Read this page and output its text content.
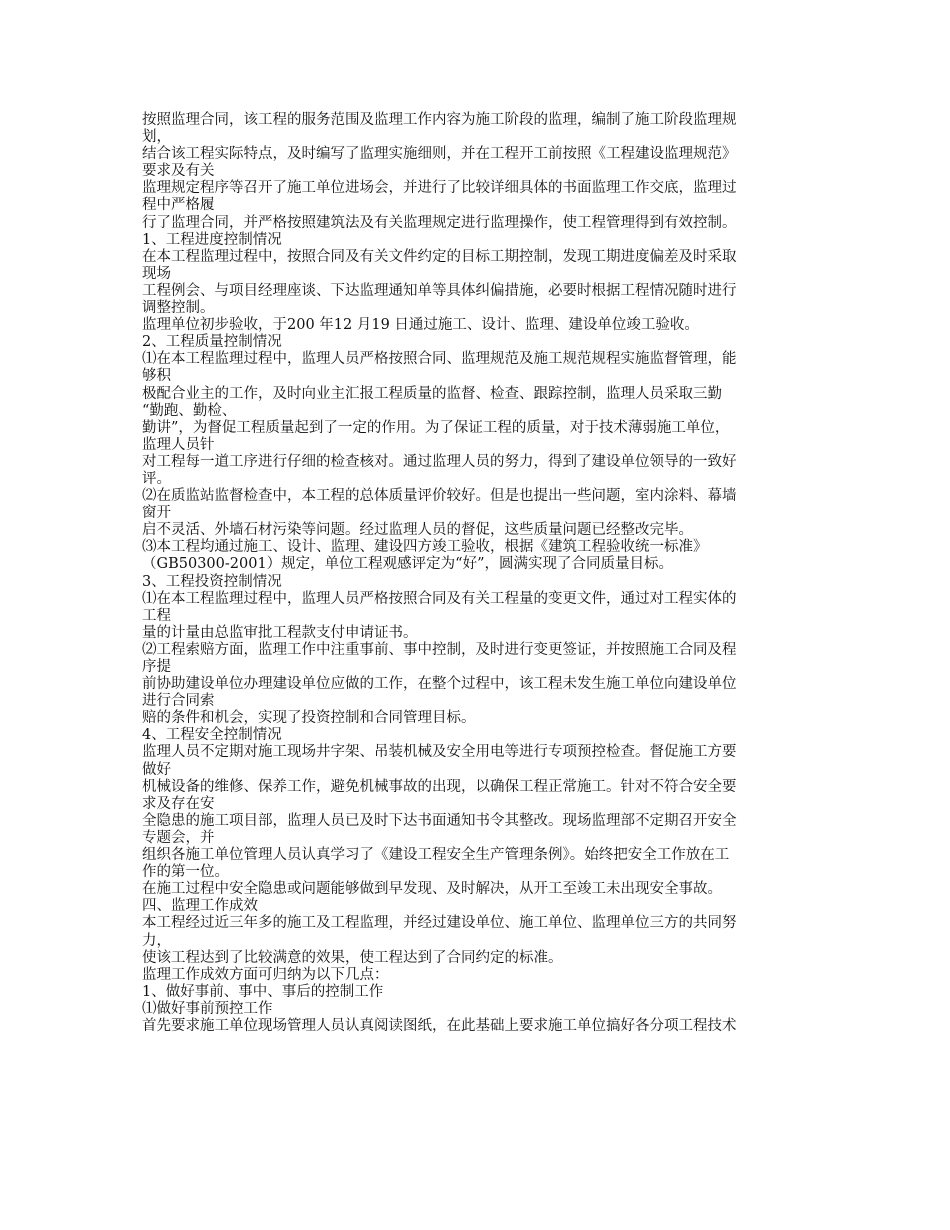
按照监理合同，该工程的服务范围及监理工作内容为施工阶段的监理，编制了施工阶段监理规
划，
结合该工程实际特点，及时编写了监理实施细则，并在工程开工前按照《工程建设监理规范》
要求及有关
监理规定程序等召开了施工单位进场会，并进行了比较详细具体的书面监理工作交底，监理过
程中严格履
行了监理合同，并严格按照建筑法及有关监理规定进行监理操作，使工程管理得到有效控制。
1、工程进度控制情况
在本工程监理过程中，按照合同及有关文件约定的目标工期控制，发现工期进度偏差及时采取
现场
工程例会、与项目经理座谈、下达监理通知单等具体纠偏措施，必要时根据工程情况随时进行
调整控制。
监理单位初步验收，于200 年12 月19 日通过施工、设计、监理、建设单位竣工验收。
2、工程质量控制情况
⑴在本工程监理过程中，监理人员严格按照合同、监理规范及施工规范规程实施监督管理，能
够积
极配合业主的工作，及时向业主汇报工程质量的监督、检查、跟踪控制，监理人员采取三勤
“勤跑、勤检、
勤讲”，为督促工程质量起到了一定的作用。为了保证工程的质量，对于技术薄弱施工单位，
监理人员针
对工程每一道工序进行仔细的检查核对。通过监理人员的努力，得到了建设单位领导的一致好
评。
⑵在质监站监督检查中，本工程的总体质量评价较好。但是也提出一些问题，室内涂料、幕墙
窗开
启不灵活、外墙石材污染等问题。经过监理人员的督促，这些质量问题已经整改完毕。
⑶本工程均通过施工、设计、监理、建设四方竣工验收，根据《建筑工程验收统一标准》
（GB50300-2001）规定，单位工程观感评定为“好”，圆满实现了合同质量目标。
3、工程投资控制情况
⑴在本工程监理过程中，监理人员严格按照合同及有关工程量的变更文件，通过对工程实体的
工程
量的计量由总监审批工程款支付申请证书。
⑵工程索赔方面，监理工作中注重事前、事中控制，及时进行变更签证，并按照施工合同及程
序提
前协助建设单位办理建设单位应做的工作，在整个过程中，该工程未发生施工单位向建设单位
进行合同索
赔的条件和机会，实现了投资控制和合同管理目标。
4、工程安全控制情况
监理人员不定期对施工现场井字架、吊装机械及安全用电等进行专项预控检查。督促施工方要
做好
机械设备的维修、保养工作，避免机械事故的出现，以确保工程正常施工。针对不符合安全要
求及存在安
全隐患的施工项目部，监理人员已及时下达书面通知书令其整改。现场监理部不定期召开安全
专题会，并
组织各施工单位管理人员认真学习了《建设工程安全生产管理条例》。始终把安全工作放在工
作的第一位。
在施工过程中安全隐患或问题能够做到早发现、及时解决，从开工至竣工未出现安全事故。
四、监理工作成效
本工程经过近三年多的施工及工程监理，并经过建设单位、施工单位、监理单位三方的共同努
力，
使该工程达到了比较满意的效果，使工程达到了合同约定的标准。
监理工作成效方面可归纳为以下几点：
1、做好事前、事中、事后的控制工作
⑴做好事前预控工作
首先要求施工单位现场管理人员认真阅读图纸，在此基础上要求施工单位搞好各分项工程技术
